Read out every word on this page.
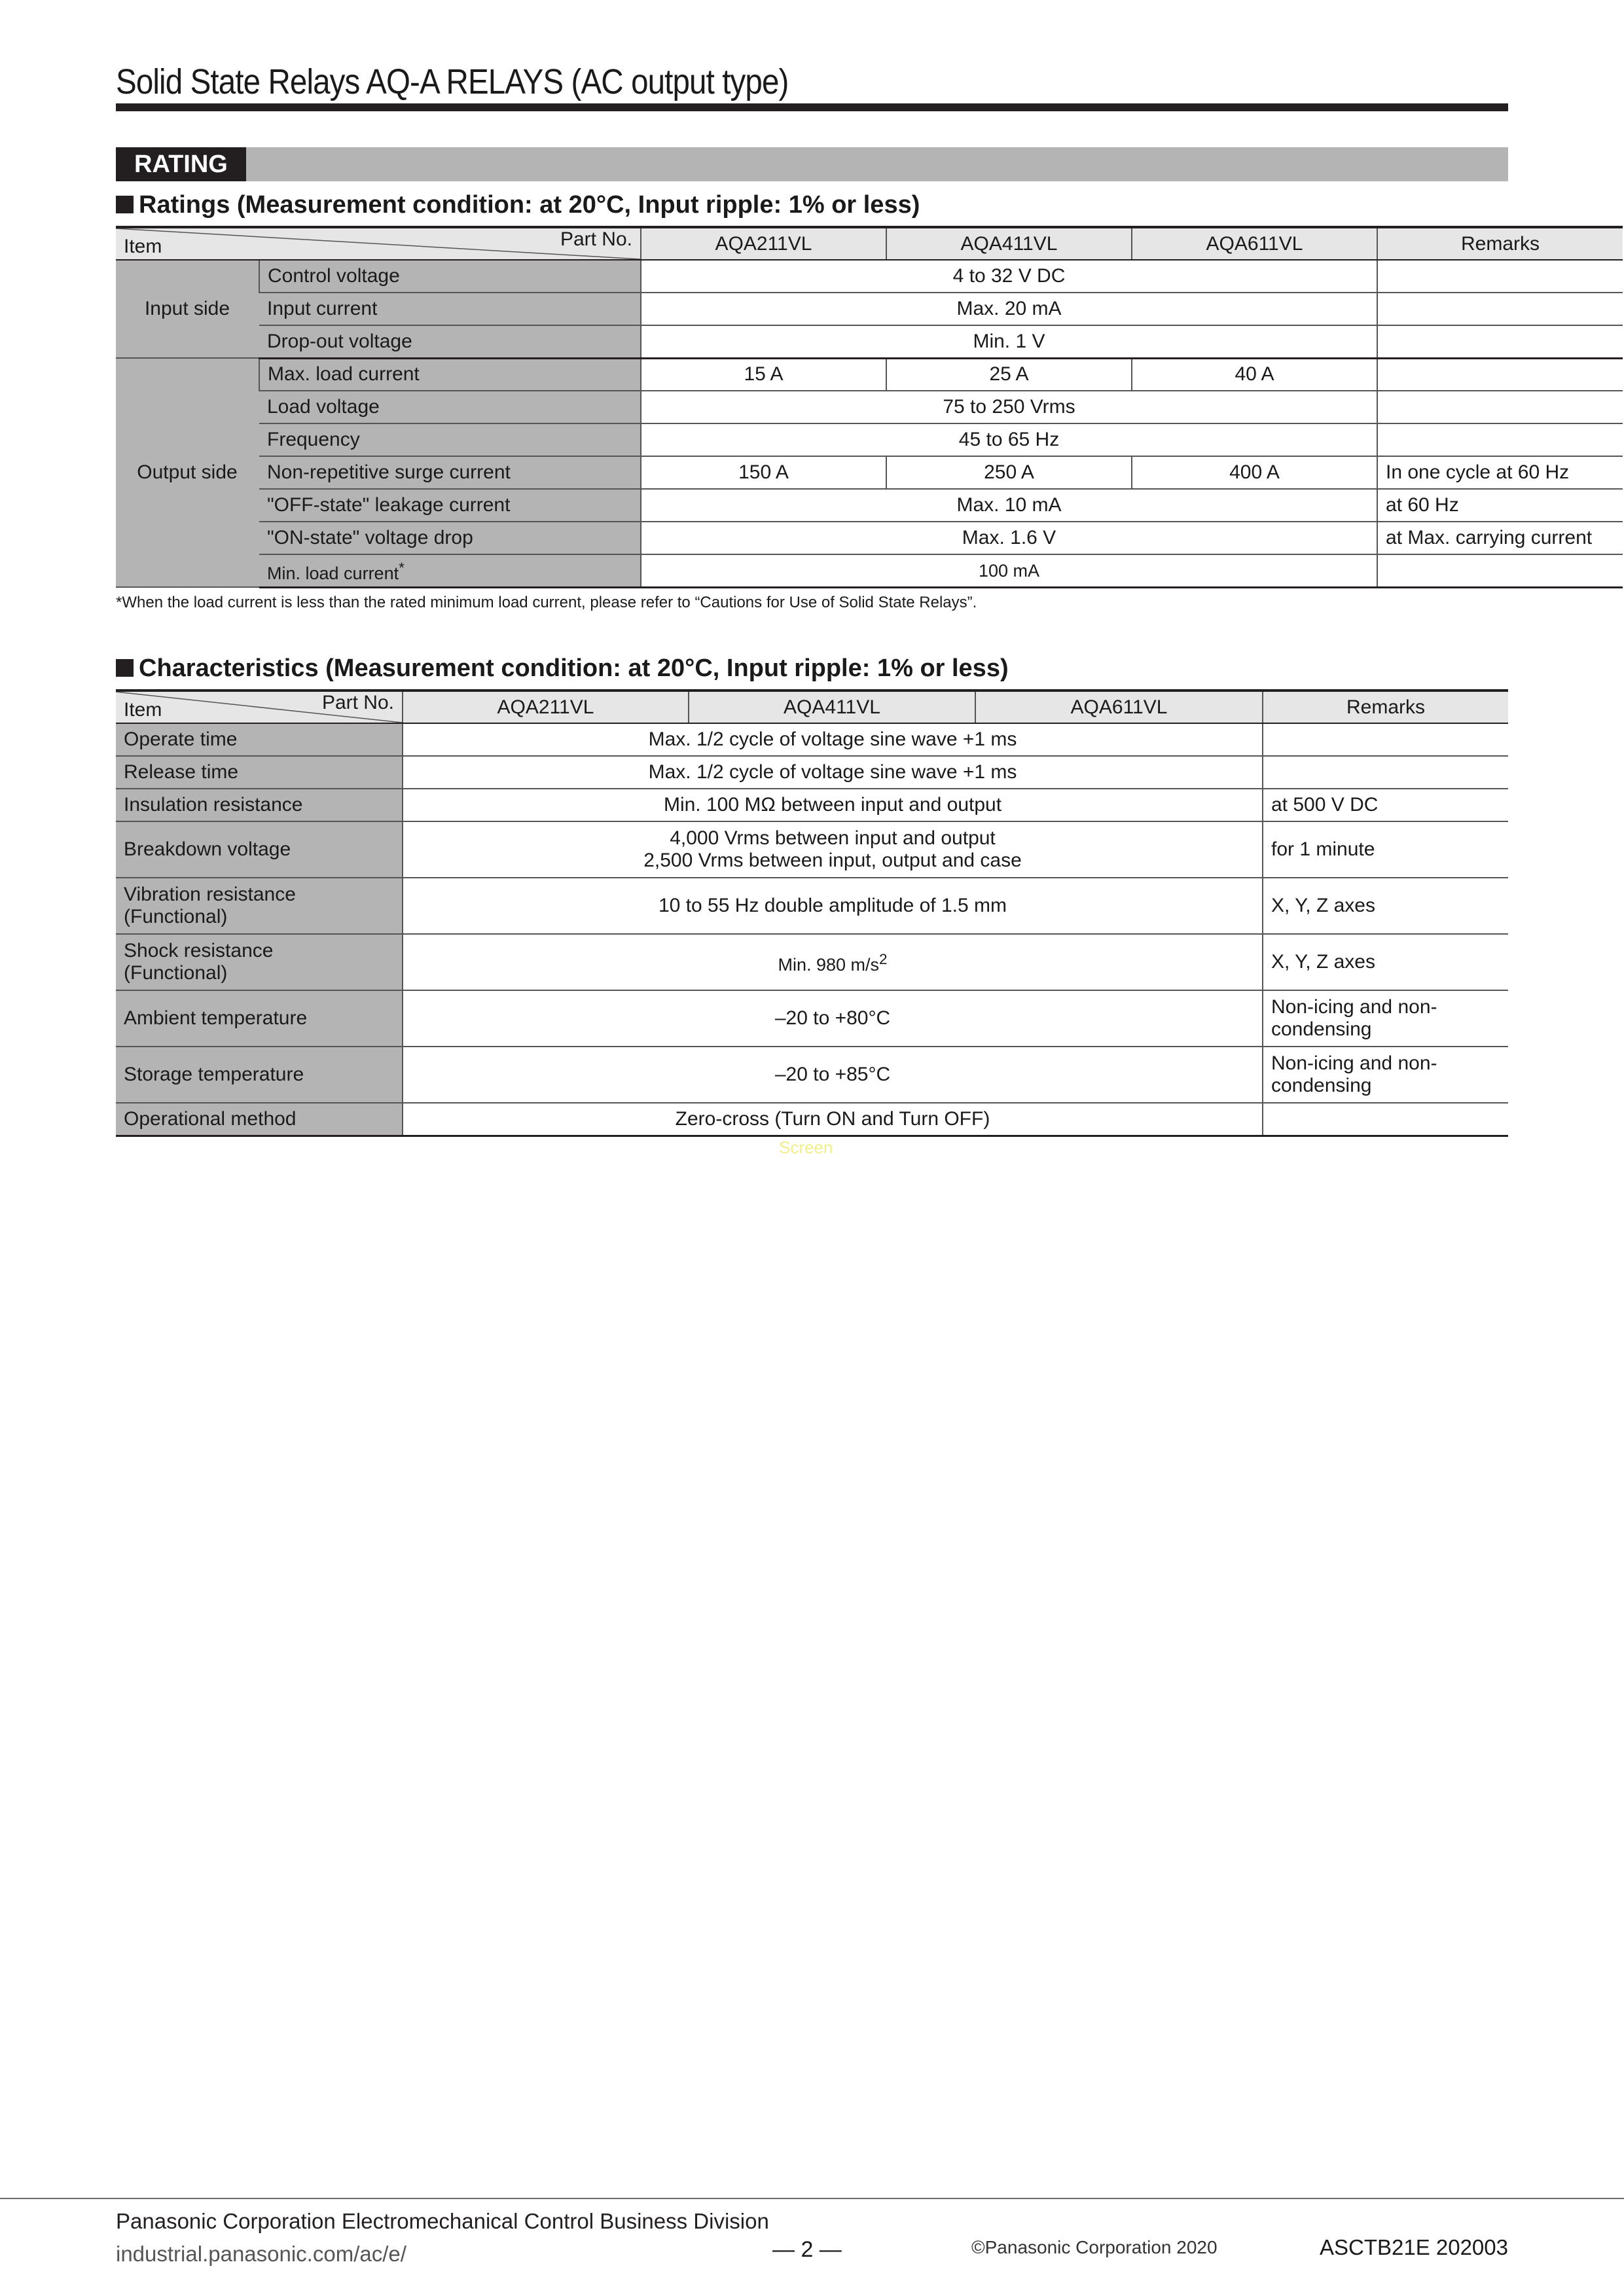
Solid State Relays AQ-A RELAYS (AC output type)
RATING
Ratings (Measurement condition: at 20°C, Input ripple: 1% or less)
Item Part No.		AQA211VL	AQA411VL	AQA611VL	Remarks
Input side	Control voltage	4 to 32 V DC			
	Input current	Max. 20 mA			
	Drop-out voltage	Min. 1 V			
Output side	Max. load current	15 A	25 A	40 A	
	Load voltage	75 to 250 Vrms			
	Frequency	45 to 65 Hz			
	Non-repetitive surge current	150 A	250 A	400 A	In one cycle at 60 Hz
	"OFF-state" leakage current	Max. 10 mA			at 60 Hz
	"ON-state" voltage drop	Max. 1.6 V			at Max. carrying current
	Min. load current*	100 mA			
*When the load current is less than the rated minimum load current, please refer to “Cautions for Use of Solid State Relays”.
Characteristics (Measurement condition: at 20°C, Input ripple: 1% or less)
Item Part No.	AQA211VL	AQA411VL	AQA611VL	Remarks
Operate time	Max. 1/2 cycle of voltage sine wave +1 ms			
Release time	Max. 1/2 cycle of voltage sine wave +1 ms			
Insulation resistance	Min. 100 MΩ between input and output			at 500 V DC
Breakdown voltage	4,000 Vrms between input and output
2,500 Vrms between input, output and case			for 1 minute

Vibration resistance
(Functional)	10 to 55 Hz double amplitude of 1.5 mm			X, Y, Z axes

Shock resistance
(Functional)	Min. 980 $m/s^2$			X, Y, Z axes
Ambient temperature	–20 to +80°C			Non-icing and non-condensing
Storage temperature	–20 to +85°C			Non-icing and non-condensing
Operational method	Zero-cross (Turn ON and Turn OFF)			
Screen
Panasonic Corporation Electromechanical Control Business Division
industrial.panasonic.com/ac/e/	— 2 —	©Panasonic Corporation 2020	ASCTB21E 202003
